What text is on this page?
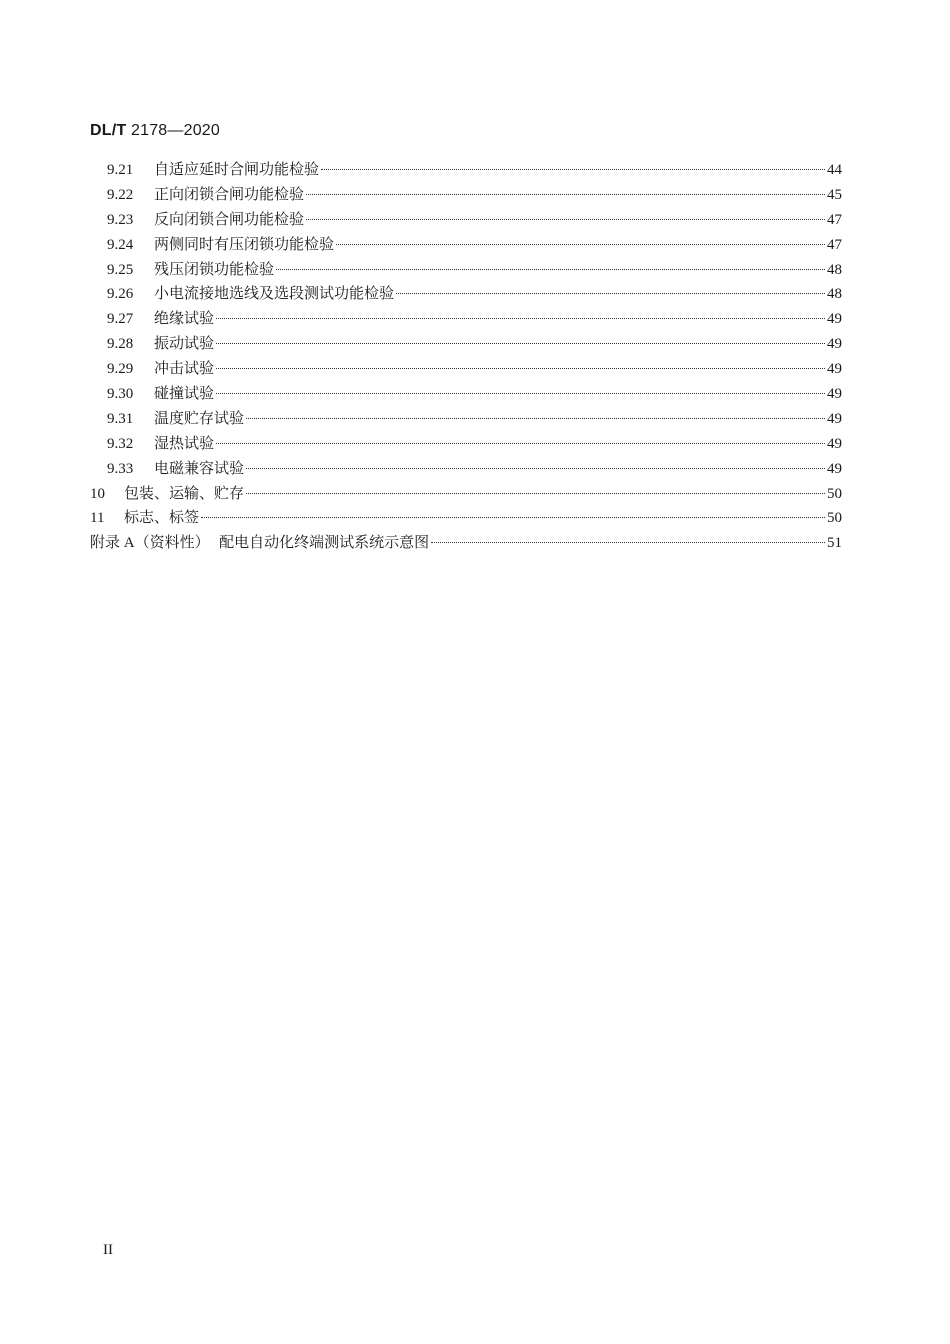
DL/T 2178—2020
9.21	自适应延时合闸功能检验	44
9.22	正向闭锁合闸功能检验	45
9.23	反向闭锁合闸功能检验	47
9.24	两侧同时有压闭锁功能检验	47
9.25	残压闭锁功能检验	48
9.26	小电流接地选线及选段测试功能检验	48
9.27	绝缘试验	49
9.28	振动试验	49
9.29	冲击试验	49
9.30	碰撞试验	49
9.31	温度贮存试验	49
9.32	湿热试验	49
9.33	电磁兼容试验	49
10	包装、运输、贮存	50
11	标志、标签	50
附录 A（资料性）  配电自动化终端测试系统示意图	51
II
